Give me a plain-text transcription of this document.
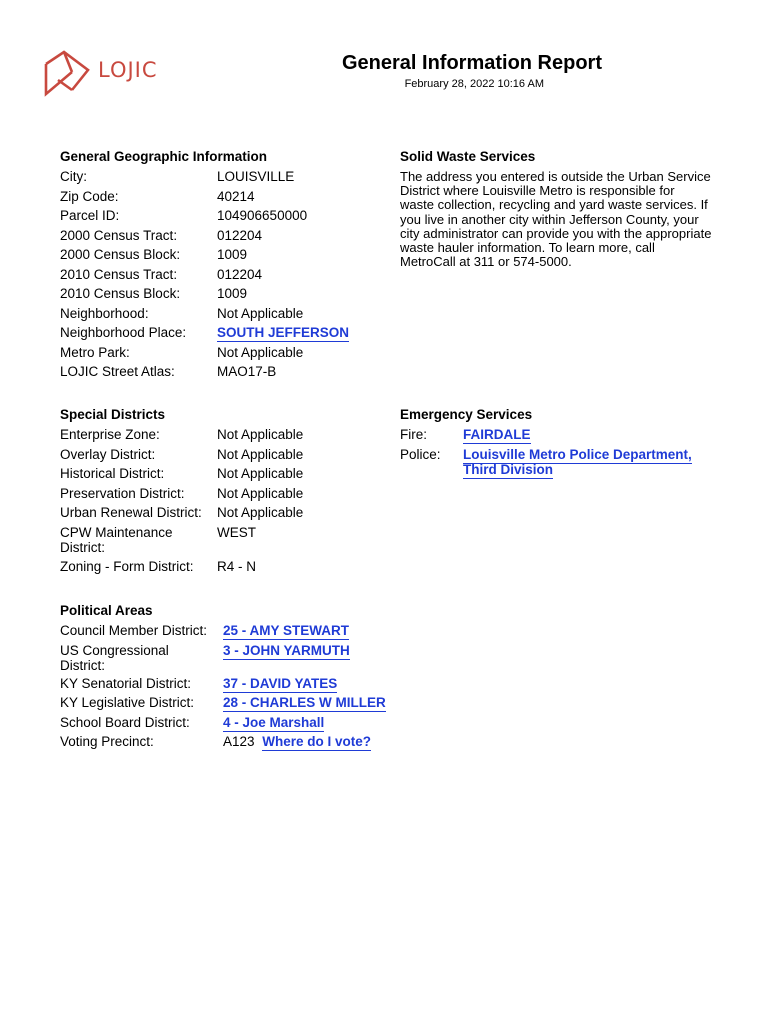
LOJIC	General Information Report
February 28, 2022 10:16 AM
General Geographic Information
City:	LOUISVILLE
Zip Code:	40214
Parcel ID:	104906650000
2000 Census Tract:	012204
2000 Census Block:	1009
2010 Census Tract:	012204
2010 Census Block:	1009
Neighborhood:	Not Applicable
Neighborhood Place:	SOUTH JEFFERSON
Metro Park:	Not Applicable
LOJIC Street Atlas:	MAO17-B
Solid Waste Services
The address you entered is outside the Urban Service District where Louisville Metro is responsible for waste collection, recycling and yard waste services. If you live in another city within Jefferson County, your city administrator can provide you with the appropriate waste hauler information. To learn more, call MetroCall at 311 or 574-5000.
Special Districts
Enterprise Zone:	Not Applicable
Overlay District:	Not Applicable
Historical District:	Not Applicable
Preservation District:	Not Applicable
Urban Renewal District:	Not Applicable
CPW Maintenance District:
WEST
Zoning - Form District:	R4 - N
Emergency Services
Fire:	FAIRDALE
Police:	Louisville Metro Police Department,
Third Division
Political Areas
Council Member District:	25 - AMY STEWART
US Congressional District:
3 - JOHN YARMUTH
KY Senatorial District:	37 - DAVID YATES
KY Legislative District:	28 - CHARLES W MILLER
School Board District:	4 - Joe Marshall
Voting Precinct:	A123 Where do I vote?
